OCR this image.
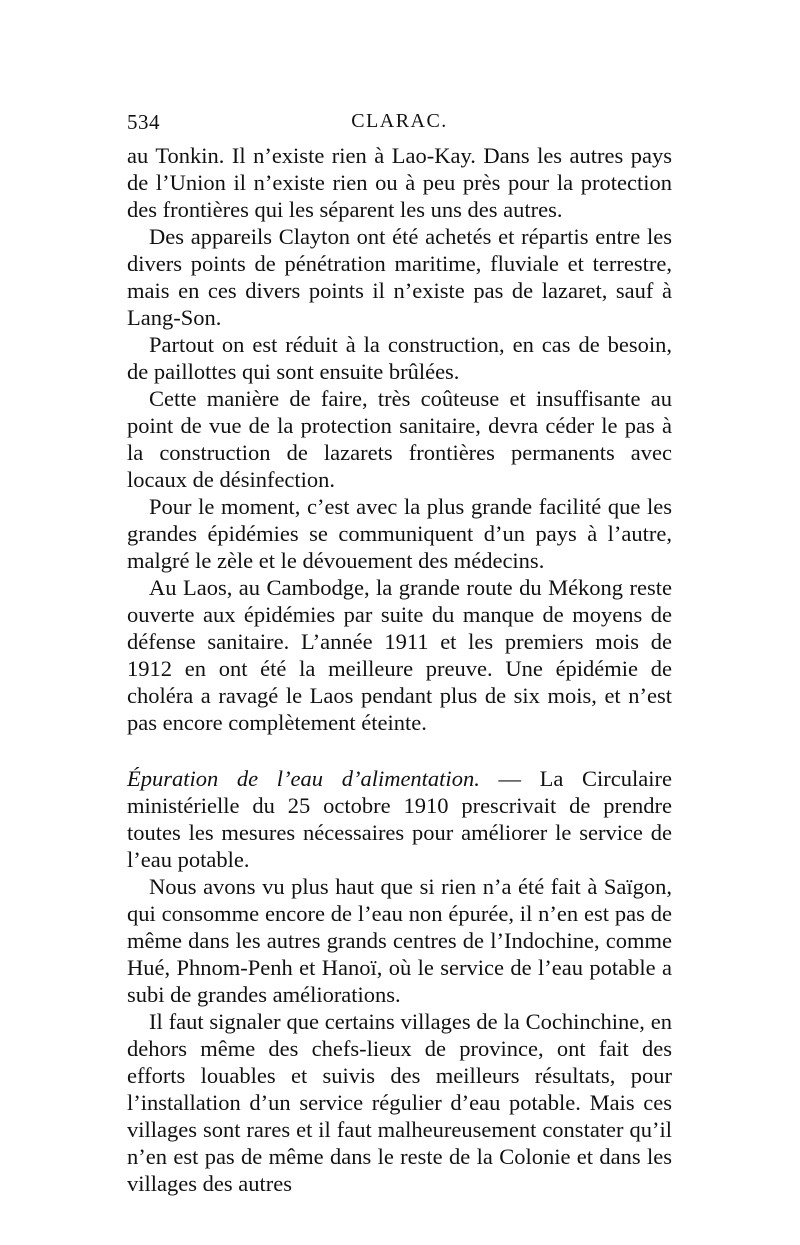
534	CLARAC.

au Tonkin. Il n’existe rien à Lao-Kay. Dans les autres pays de l’Union il n’existe rien ou à peu près pour la protection des frontières qui les séparent les uns des autres.

Des appareils Clayton ont été achetés et répartis entre les divers points de pénétration maritime, fluviale et terrestre, mais en ces divers points il n’existe pas de lazaret, sauf à Lang-Son.

Partout on est réduit à la construction, en cas de besoin, de paillottes qui sont ensuite brûlées.

Cette manière de faire, très coûteuse et insuffisante au point de vue de la protection sanitaire, devra céder le pas à la construction de lazarets frontières permanents avec locaux de désinfection.

Pour le moment, c’est avec la plus grande facilité que les grandes épidémies se communiquent d’un pays à l’autre, malgré le zèle et le dévouement des médecins.

Au Laos, au Cambodge, la grande route du Mékong reste ouverte aux épidémies par suite du manque de moyens de défense sanitaire. L’année 1911 et les premiers mois de 1912 en ont été la meilleure preuve. Une épidémie de choléra a ravagé le Laos pendant plus de six mois, et n’est pas encore complètement éteinte.

Épuration de l’eau d’alimentation. — La Circulaire ministérielle du 25 octobre 1910 prescrivait de prendre toutes les mesures nécessaires pour améliorer le service de l’eau potable.

Nous avons vu plus haut que si rien n’a été fait à Saïgon, qui consomme encore de l’eau non épurée, il n’en est pas de même dans les autres grands centres de l’Indochine, comme Hué, Phnom-Penh et Hanoï, où le service de l’eau potable a subi de grandes améliorations.

Il faut signaler que certains villages de la Cochinchine, en dehors même des chefs-lieux de province, ont fait des efforts louables et suivis des meilleurs résultats, pour l’installation d’un service régulier d’eau potable. Mais ces villages sont rares et il faut malheureusement constater qu’il n’en est pas de même dans le reste de la Colonie et dans les villages des autres
